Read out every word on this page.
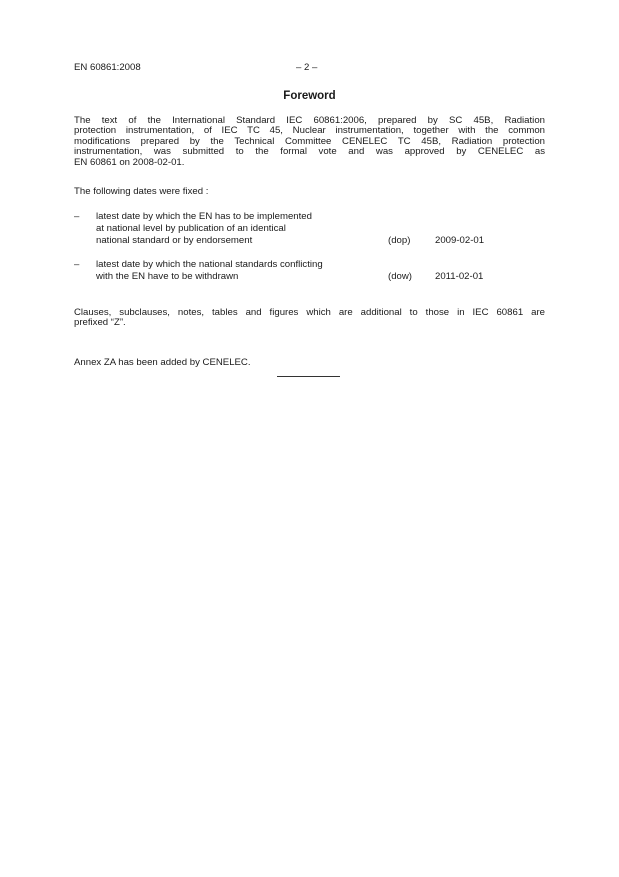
EN 60861:2008	– 2 –
Foreword
The text of the International Standard IEC 60861:2006, prepared by SC 45B, Radiation
protection instrumentation, of IEC TC 45, Nuclear instrumentation, together with the common
modifications prepared by the Technical Committee CENELEC TC 45B, Radiation protection
instrumentation, was submitted to the formal vote and was approved by CENELEC as
EN 60861 on 2008-02-01.
The following dates were fixed :
– latest date by which the EN has to be implemented
at national level by publication of an identical
national standard or by endorsement	(dop)	2009-02-01
– latest date by which the national standards conflicting
with the EN have to be withdrawn	(dow) 2011-02-01
Clauses, subclauses, notes, tables and figures which are additional to those in IEC 60861 are
prefixed “Z”.
Annex ZA has been added by CENELEC.
